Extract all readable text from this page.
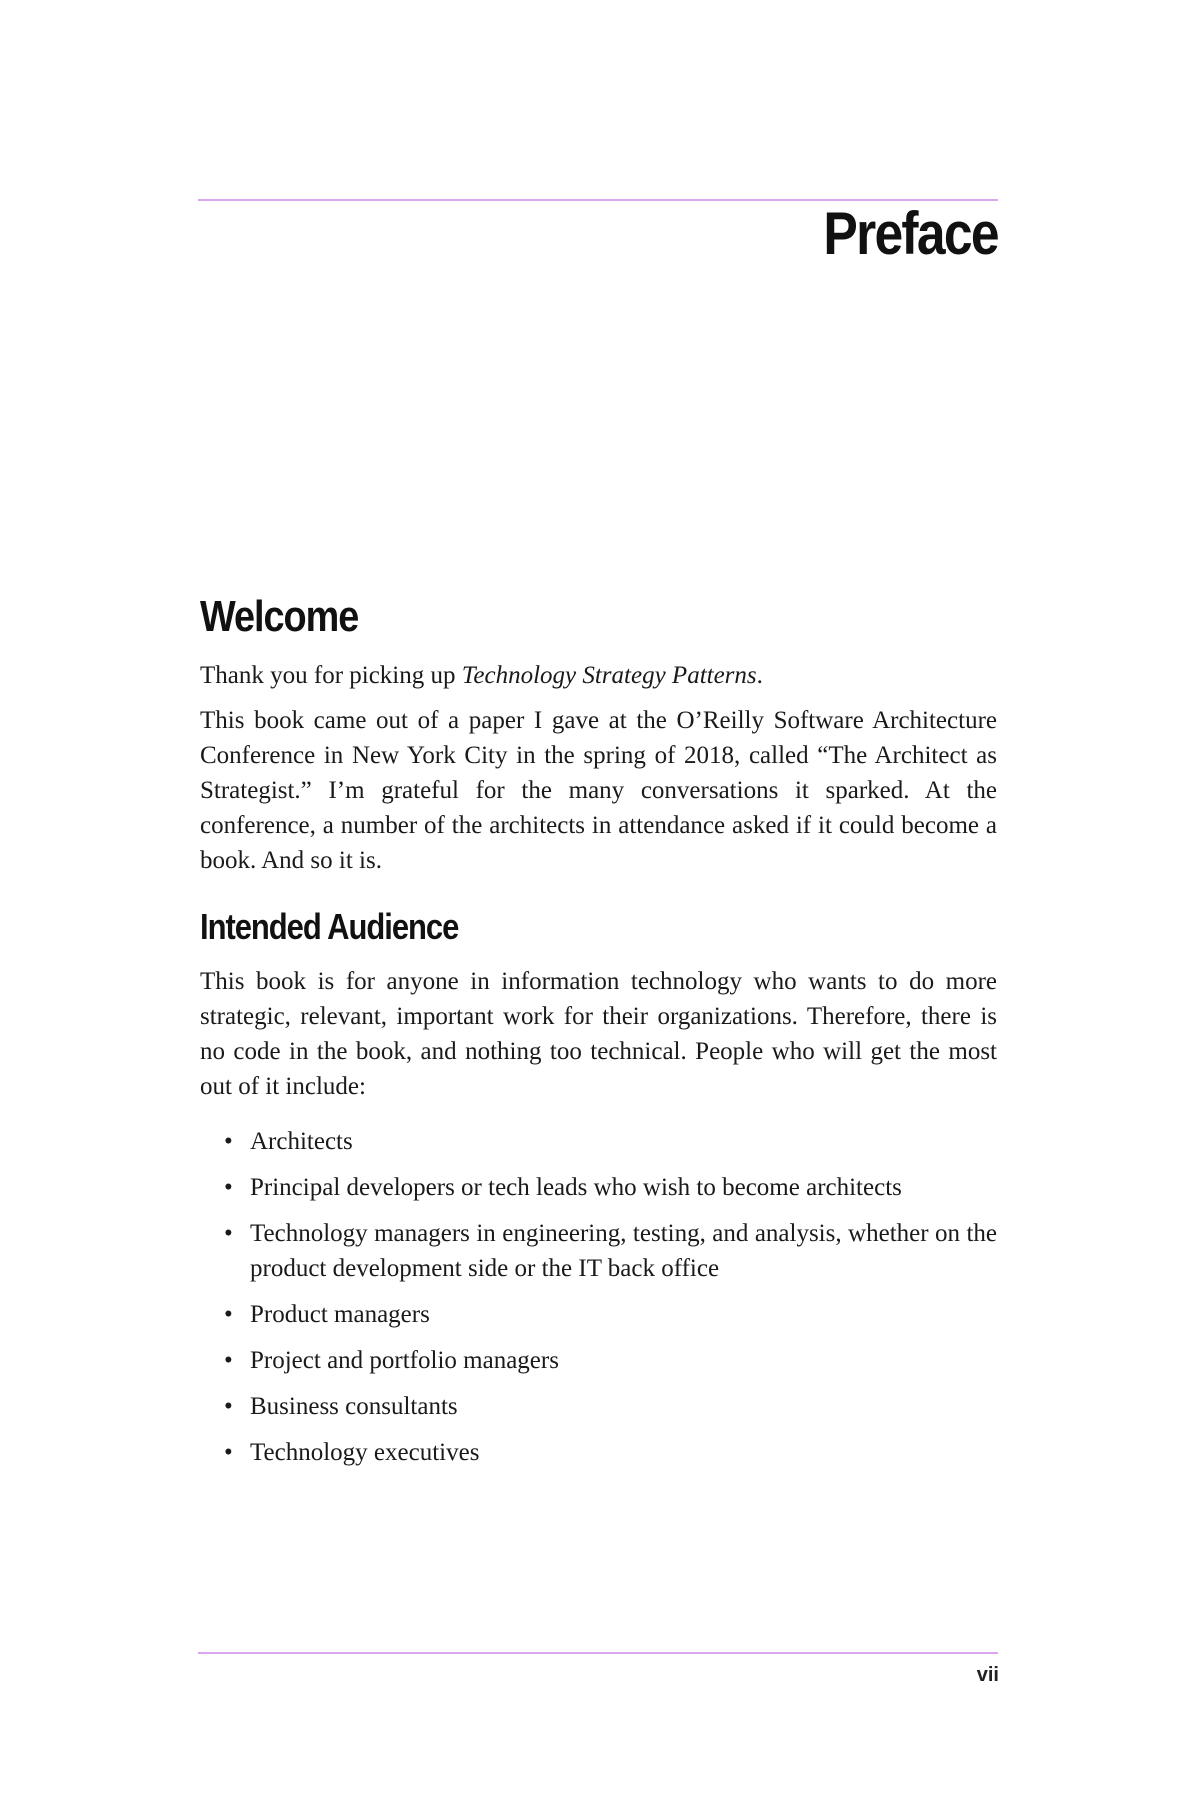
Preface
Welcome

Thank you for picking up Technology Strategy Patterns.

This book came out of a paper I gave at the O’Reilly Software Architecture Conference in New York City in the spring of 2018, called “The Architect as Strategist.” I’m grateful for the many conversations it sparked. At the conference, a number of the architects in attendance asked if it could become a book. And so it is.

Intended Audience

This book is for anyone in information technology who wants to do more strategic, relevant, important work for their organizations. Therefore, there is no code in the book, and nothing too technical. People who will get the most out of it include:

• Architects
• Principal developers or tech leads who wish to become architects
• Technology managers in engineering, testing, and analysis, whether on the product development side or the IT back office
• Product managers
• Project and portfolio managers
• Business consultants
• Technology executives
vii
